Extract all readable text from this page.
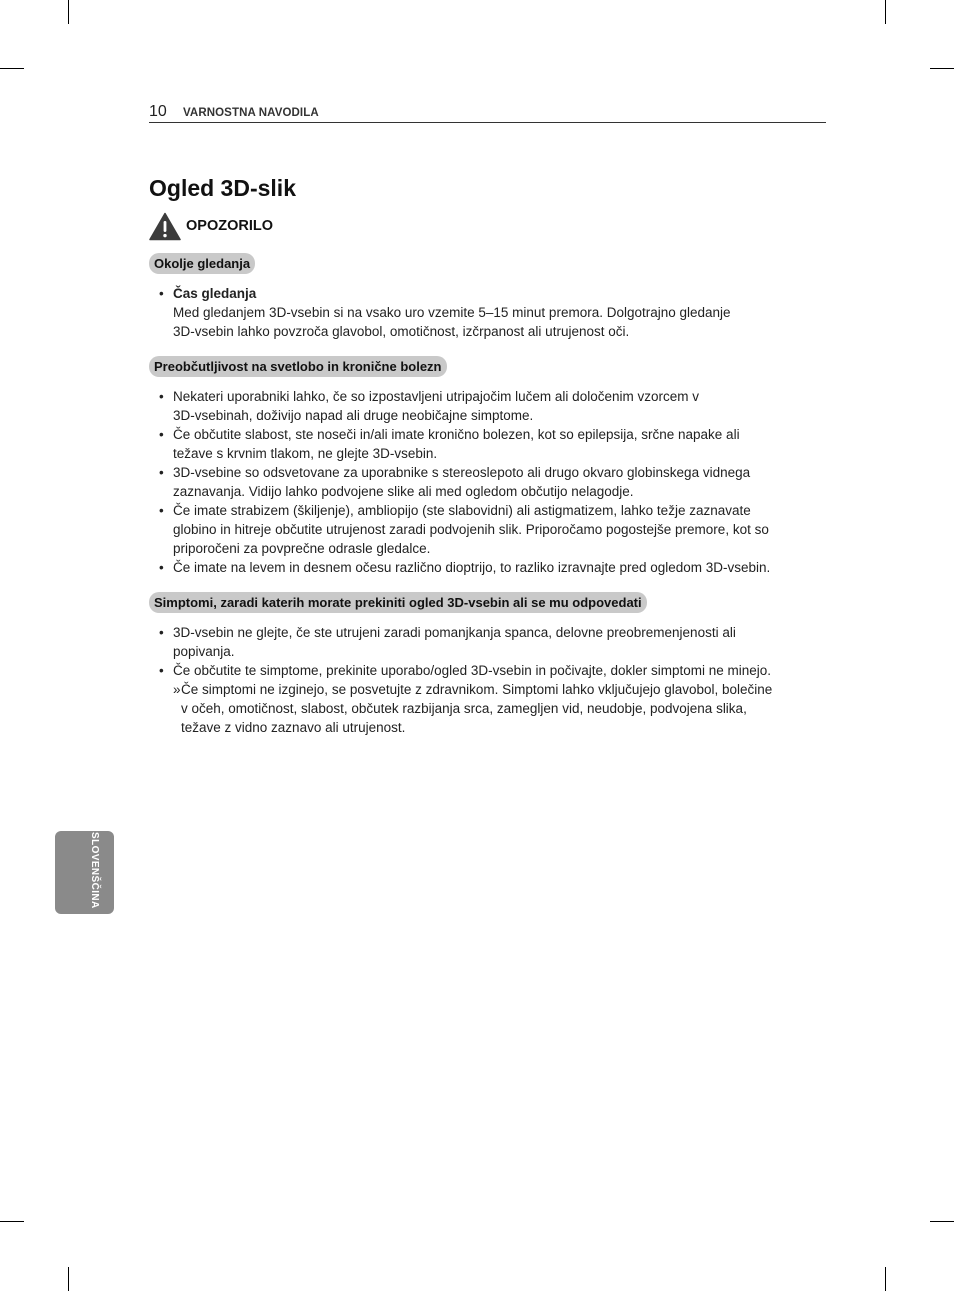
10 VARNOSTNA NAVODILA
Ogled 3D-slik
OPOZORILO
Okolje gledanja
• Čas gledanja
Med gledanjem 3D-vsebin si na vsako uro vzemite 5–15 minut premora. Dolgotrajno gledanje
3D-vsebin lahko povzroča glavobol, omotičnost, izčrpanost ali utrujenost oči.
Preobčutljivost na svetlobo in kronične bolezn
• Nekateri uporabniki lahko, če so izpostavljeni utripajočim lučem ali določenim vzorcem v
3D-vsebinah, doživijo napad ali druge neobičajne simptome.
• Če občutite slabost, ste noseči in/ali imate kronično bolezen, kot so epilepsija, srčne napake ali
težave s krvnim tlakom, ne glejte 3D-vsebin.
• 3D-vsebine so odsvetovane za uporabnike s stereoslepoto ali drugo okvaro globinskega vidnega
zaznavanja. Vidijo lahko podvojene slike ali med ogledom občutijo nelagodje.
• Če imate strabizem (škiljenje), ambliopijo (ste slabovidni) ali astigmatizem, lahko težje zaznavate
globino in hitreje občutite utrujenost zaradi podvojenih slik. Priporočamo pogostejše premore, kot so
priporočeni za povprečne odrasle gledalce.
• Če imate na levem in desnem očesu različno dioptrijo, to razliko izravnajte pred ogledom 3D-vsebin.
Simptomi, zaradi katerih morate prekiniti ogled 3D-vsebin ali se mu odpovedati
• 3D-vsebin ne glejte, če ste utrujeni zaradi pomanjkanja spanca, delovne preobremenjenosti ali
popivanja.
• Če občutite te simptome, prekinite uporabo/ogled 3D-vsebin in počivajte, dokler simptomi ne minejo.
» Če simptomi ne izginejo, se posvetujte z zdravnikom. Simptomi lahko vključujejo glavobol, bolečine
v očeh, omotičnost, slabost, občutek razbijanja srca, zamegljen vid, neudobje, podvojena slika,
težave z vidno zaznavo ali utrujenost.
SLOVENŠČINA
